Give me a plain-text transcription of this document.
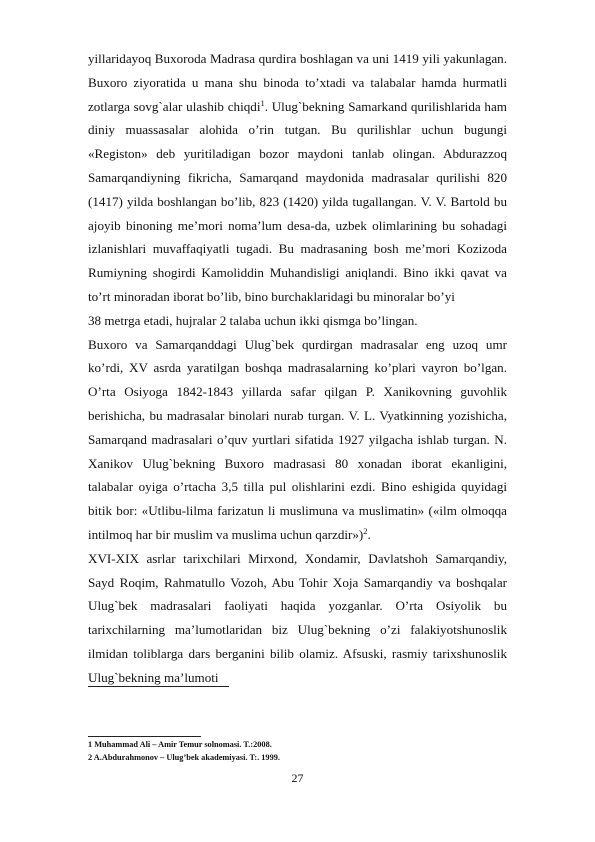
yillaridayoq Buxoroda Madrasa qurdira boshlagan va uni 1419 yili yakunlagan. Buxoro ziyoratida u mana shu binoda to’xtadi va talabalar hamda hurmatli zotlarga sovg`alar ulashib chiqdi$^1$. Ulug`bekning Samarkand qurilishlarida ham diniy muassasalar alohida o’rin tutgan. Bu qurilishlar uchun bugungi «Registon» deb yuritiladigan bozor maydoni tanlab olingan. Abdurazzoq Samarqandiyning fikricha, Samarqand maydonida madrasalar qurilishi 820 (1417) yilda boshlangan bo’lib, 823 (1420) yilda tugallangan. V. V. Bartold bu ajoyib binoning me’mori noma’lum desa-da, uzbek olimlarining bu sohadagi izlanishlari muvaffaqiyatli tugadi. Bu madrasaning bosh me’mori Kozizoda Rumiyning shogirdi Kamoliddin Muhandisligi aniqlandi. Bino ikki qavat va to’rt minoradan iborat bo’lib, bino burchaklaridagi bu minoralar bo’yi

38 metrga etadi, hujralar 2 talaba uchun ikki qismga bo’lingan.

Buxoro va Samarqanddagi Ulug`bek qurdirgan madrasalar eng uzoq umr ko’rdi, XV asrda yaratilgan boshqa madrasalarning ko’plari vayron bo’lgan. O’rta Osiyoga 1842-1843 yillarda safar qilgan P. Xanikovning guvohlik berishicha, bu madrasalar binolari nurab turgan. V. L. Vyatkinning yozishicha, Samarqand madrasalari o’quv yurtlari sifatida 1927 yilgacha ishlab turgan. N. Xanikov Ulug`bekning Buxoro madrasasi 80 xonadan iborat ekanligini, talabalar oyiga o’rtacha 3,5 tilla pul olishlarini ezdi. Bino eshigida quyidagi bitik bor: «Utlibu-lilma farizatun li muslimuna va muslimatin» («ilm olmoqqa intilmoq har bir muslim va muslima uchun qarzdir»)$^2$.

XVI-XIX asrlar tarixchilari Mirxond, Xondamir, Davlatshoh Samarqandiy, Sayd Roqim, Rahmatullo Vozoh, Abu Tohir Xoja Samarqandiy va boshqalar Ulug`bek madrasalari faoliyati haqida yozganlar. O’rta Osiyolik bu tarixchilarning ma’lumotlaridan biz Ulug`bekning o’zi falakiyotshunoslik ilmidan toliblarga dars berganini bilib olamiz. Afsuski, rasmiy tarixshunoslik Ulug`bekning ma’lumoti

1 Muhammad Ali – Amir Temur solnomasi. T.:2008.
2 A.Abdurahmonov – Ulug’bek akademiyasi. T:. 1999.
27
